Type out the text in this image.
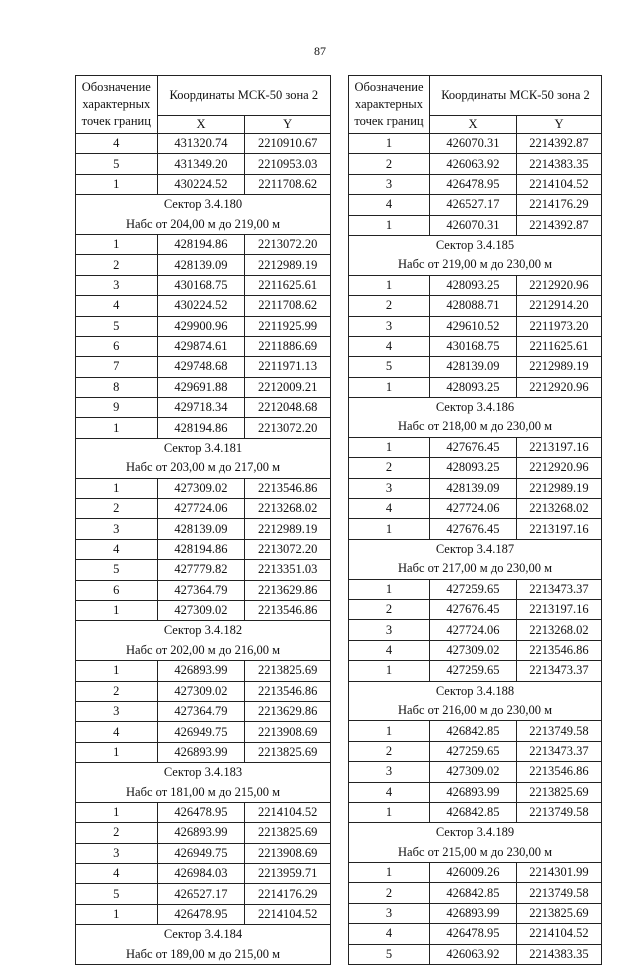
87
Обозначение характерных точек границ	Координаты МСК-50 зона 2	
	X	Y
4	431320.74	2210910.67
5	431349.20	2210953.03
1	430224.52	2211708.62

Сектор 3.4.180
Набс от 204,00 м до 219,00 м		

1	428194.86	2213072.20
2	428139.09	2212989.19
3	430168.75	2211625.61
4	430224.52	2211708.62
5	429900.96	2211925.99
6	429874.61	2211886.69
7	429748.68	2211971.13
8	429691.88	2212009.21
9	429718.34	2212048.68
1	428194.86	2213072.20

Сектор 3.4.181
Набс от 203,00 м до 217,00 м		

1	427309.02	2213546.86
2	427724.06	2213268.02
3	428139.09	2212989.19
4	428194.86	2213072.20
5	427779.82	2213351.03
6	427364.79	2213629.86
1	427309.02	2213546.86

Сектор 3.4.182
Набс от 202,00 м до 216,00 м		

1	426893.99	2213825.69
2	427309.02	2213546.86
3	427364.79	2213629.86
4	426949.75	2213908.69
1	426893.99	2213825.69

Сектор 3.4.183
Набс от 181,00 м до 215,00 м		

1	426478.95	2214104.52
2	426893.99	2213825.69
3	426949.75	2213908.69
4	426984.03	2213959.71
5	426527.17	2214176.29
1	426478.95	2214104.52

Сектор 3.4.184
Набс от 189,00 м до 215,00 м		
Обозначение характерных точек границ	Координаты МСК-50 зона 2	
	X	Y
1	426070.31	2214392.87
2	426063.92	2214383.35
3	426478.95	2214104.52
4	426527.17	2214176.29
1	426070.31	2214392.87

Сектор 3.4.185
Набс от 219,00 м до 230,00 м		

1	428093.25	2212920.96
2	428088.71	2212914.20
3	429610.52	2211973.20
4	430168.75	2211625.61
5	428139.09	2212989.19
1	428093.25	2212920.96

Сектор 3.4.186
Набс от 218,00 м до 230,00 м		

1	427676.45	2213197.16
2	428093.25	2212920.96
3	428139.09	2212989.19
4	427724.06	2213268.02
1	427676.45	2213197.16

Сектор 3.4.187
Набс от 217,00 м до 230,00 м		

1	427259.65	2213473.37
2	427676.45	2213197.16
3	427724.06	2213268.02
4	427309.02	2213546.86
1	427259.65	2213473.37

Сектор 3.4.188
Набс от 216,00 м до 230,00 м		

1	426842.85	2213749.58
2	427259.65	2213473.37
3	427309.02	2213546.86
4	426893.99	2213825.69
1	426842.85	2213749.58

Сектор 3.4.189
Набс от 215,00 м до 230,00 м		

1	426009.26	2214301.99
2	426842.85	2213749.58
3	426893.99	2213825.69
4	426478.95	2214104.52
5	426063.92	2214383.35
